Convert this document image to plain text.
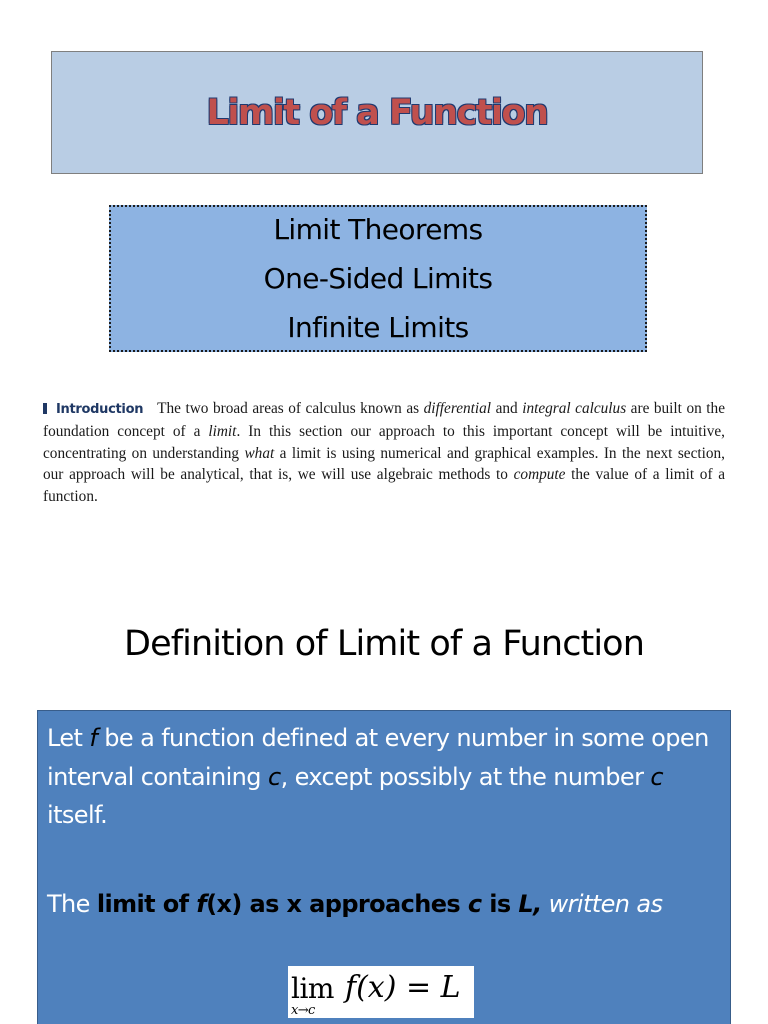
Limit of a Function
Limit Theorems
One-Sided Limits
Infinite Limits
Introduction The two broad areas of calculus known as differential and integral calculus are built on the foundation concept of a limit. In this section our approach to this important concept will be intuitive, concentrating on understanding what a limit is using numerical and graphical examples. In the next section, our approach will be analytical, that is, we will use algebraic methods to compute the value of a limit of a function.
Definition of Limit of a Function
Let f be a function defined at every number in some open interval containing c, except possibly at the number c itself.
The limit of f(x) as x approaches c is L, written as
lim
x→c
f(x) = L
